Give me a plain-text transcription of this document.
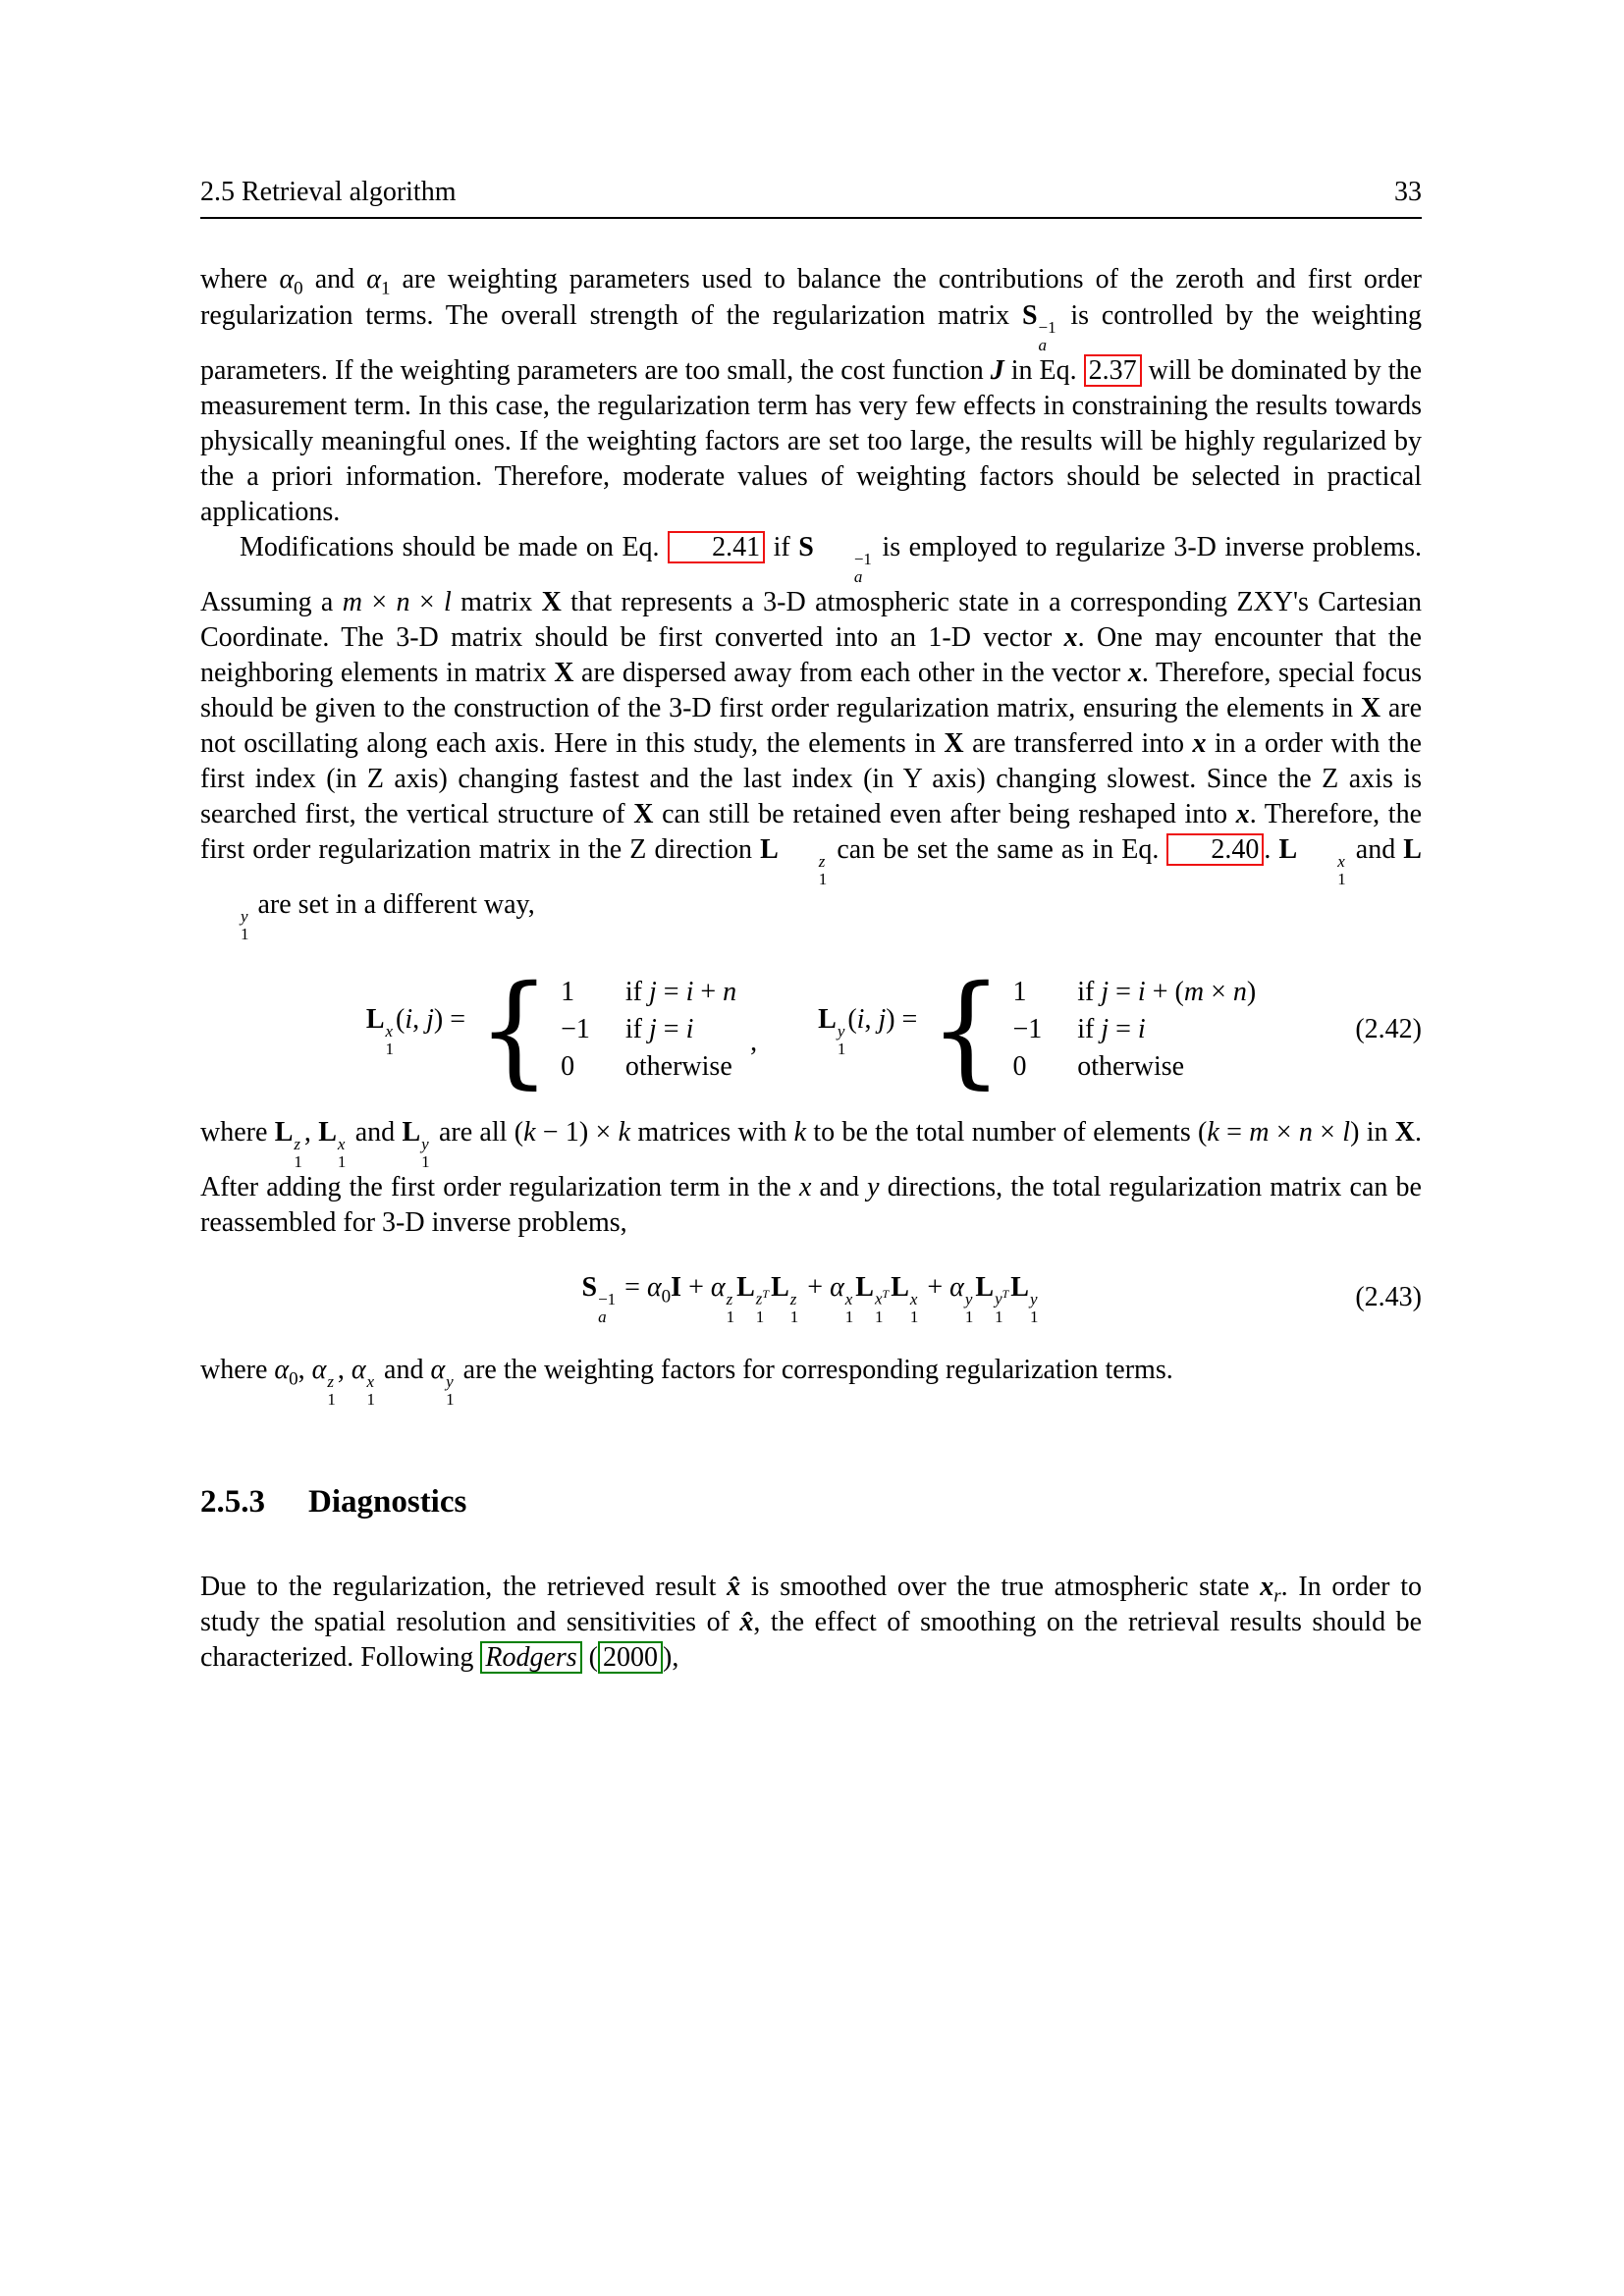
2.5 Retrieval algorithm	33

where $\alpha_0$ and $\alpha_1$ are weighting parameters used to balance the contributions of the zeroth and first order regularization terms. The overall strength of the regularization matrix S −1
a
is controlled by the weighting parameters. If the weighting parameters are too small, the cost function J in Eq. 2.37 will be dominated by the measurement term. In this case, the regularization term has very few effects in constraining the results towards physically meaningful ones. If the weighting factors are set too large, the results will be highly regularized by the a priori information. Therefore, moderate values of weighting factors should be selected in practical applications.

Modifications should be made on Eq. 2.41 if S	−1
a
is employed to regularize 3-D inverse problems. Assuming a m × n × l matrix X that represents a 3-D atmospheric state in a corresponding ZXY's Cartesian Coordinate. The 3-D matrix should be first converted into an 1-D vector x. One may encounter that the neighboring elements in matrix X are dispersed away from each other in the vector x. Therefore, special focus should be given to the construction of the 3-D first order regularization matrix, ensuring the elements in X are not oscillating along each axis. Here in this study, the elements in X are transferred into x in a order with the first index (in Z axis) changing fastest and the last index (in Y axis) changing slowest. Since the Z axis is searched first, the vertical structure of X can still be retained even after being reshaped into x. Therefore, the first order regularization matrix in the Z direction L	z
1
can be set the same as in Eq. 2.40 . L	x
1
and L
y
1
are set in a different way,

L x
1
(i, j) = { 1	if j = i + n
−1 if j = i
0	otherwise
,
L y
1
(i, j) = { 1	if j = i + (m × n)
−1 if j = i
0	otherwise
(2.42)

where L z
1
, L x
1
and L y
1
are all (k − 1) × k matrices with k to be the total number of elements (k = m × n × l) in X. After adding the first order regularization term in the x and y directions, the total regularization matrix can be reassembled for 3-D inverse problems,

S −1
a
= $\alpha_0I + \alpha$ z
1
L $z^T$
1
L z
1
+ α x
1
L $x^T$
1
L x
1
+ α y
1
L $y^T$
1
L y
1
(2.43)

where $\alpha_0$, α z
1
, α x
1
and α y
1
are the weighting factors for corresponding regularization terms.

2.5.3 Diagnostics

Due to the regularization, the retrieved result x̂ is smoothed over the true atmospheric state $x_r$. In order to study the spatial resolution and sensitivities of x̂, the effect of smoothing on the retrieval results should be characterized. Following Rodgers ( 2000 ),
